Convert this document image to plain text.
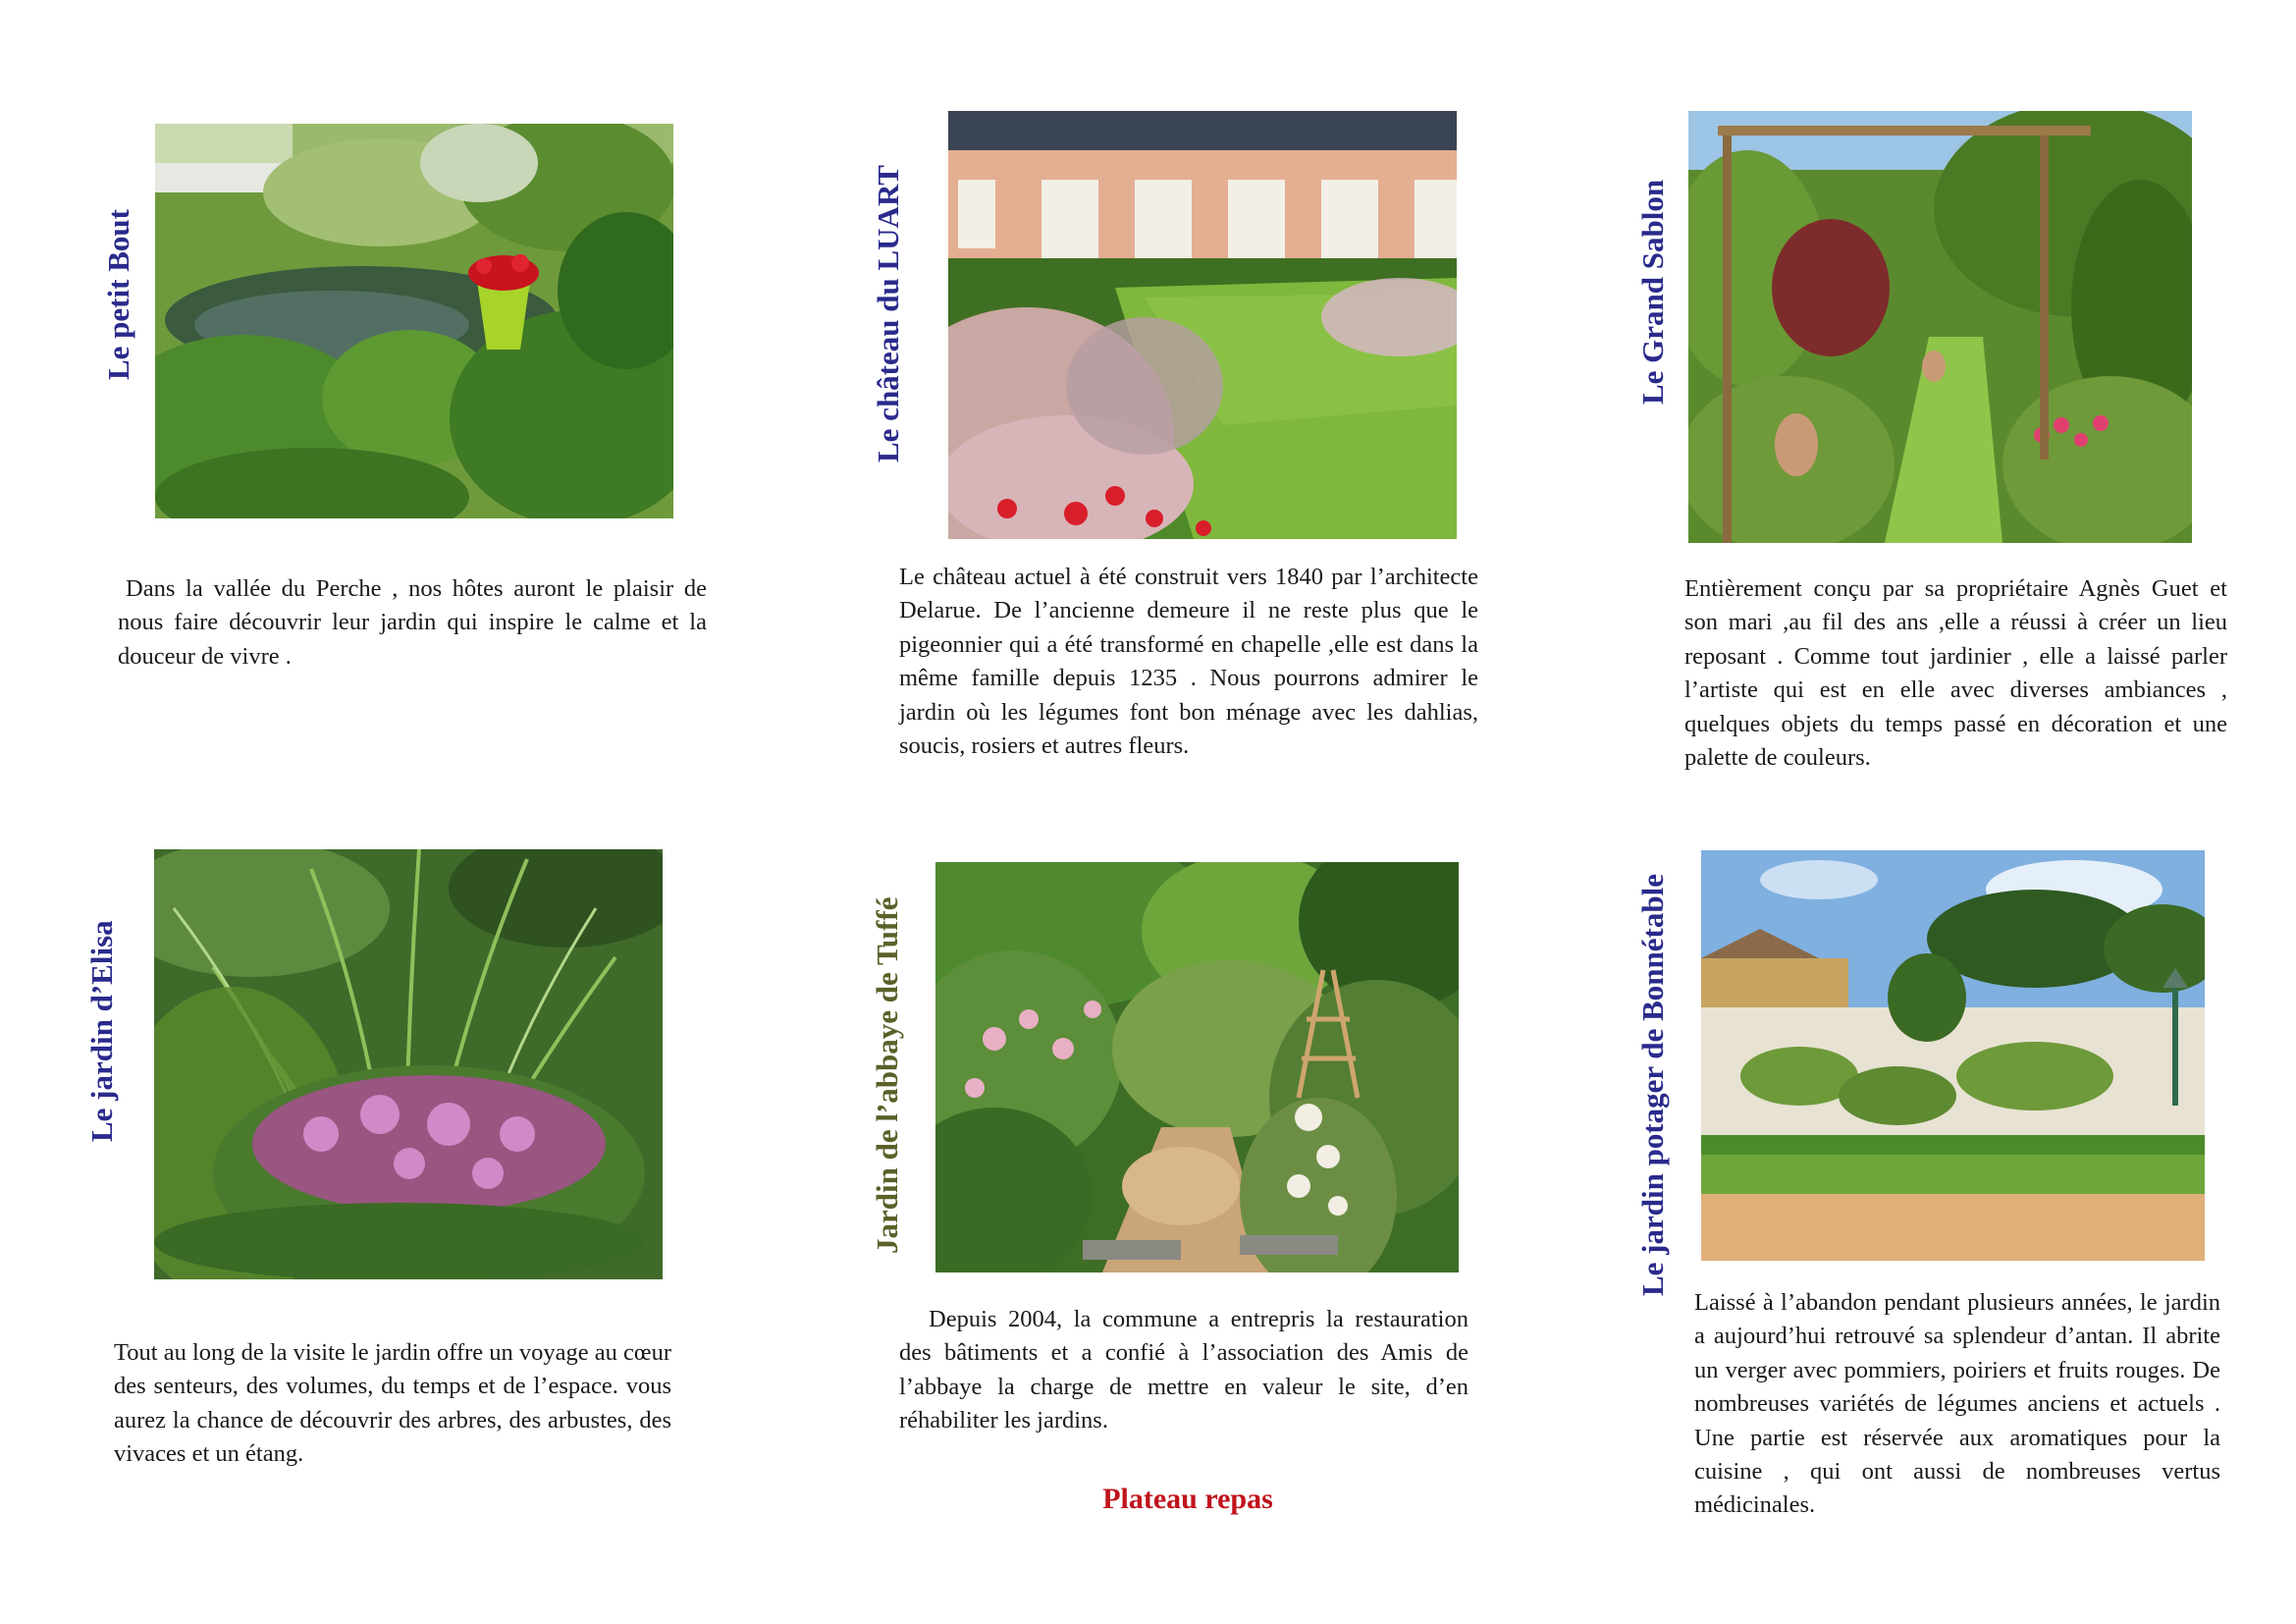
Le petit Bout
Dans la vallée du Perche , nos hôtes auront le plaisir de nous faire découvrir leur jardin qui inspire le calme et la douceur de vivre .
Le château du LUART
Le château actuel à été construit vers 1840 par l’architecte Delarue. De l’ancienne demeure il ne reste plus que le pigeonnier qui a été transformé en chapelle ,elle est dans la même famille depuis 1235 . Nous pourrons admirer le jardin où les légumes font bon ménage avec les dahlias, soucis, rosiers et autres fleurs.
Le Grand Sablon
Entièrement conçu par sa propriétaire Agnès Guet et son mari ,au fil des ans ,elle a réussi à créer un lieu reposant . Comme tout jardinier , elle a laissé parler l’artiste qui est en elle avec diverses ambiances , quelques objets du temps passé en décoration et une palette de couleurs.
Le jardin d’Elisa
Tout au long de la visite le jardin offre un voyage au cœur des senteurs, des volumes, du temps et de l’espace. vous aurez la chance de découvrir des arbres, des arbustes, des vivaces et un étang.
Jardin de l’abbaye de Tuffé
Depuis 2004, la commune a entrepris la restauration des bâtiments et a confié à l’association des Amis de l’abbaye la charge de mettre en valeur le site, d’en réhabiliter les jardins.
Plateau repas
Le jardin potager de Bonnétable
Laissé à l’abandon pendant plusieurs années, le jardin a aujourd’hui retrouvé sa splendeur d’antan. Il abrite un verger avec pommiers, poiriers et fruits rouges. De nombreuses variétés de légumes anciens et actuels . Une partie est réservée aux aromatiques pour la cuisine , qui ont aussi de nombreuses vertus médicinales.
